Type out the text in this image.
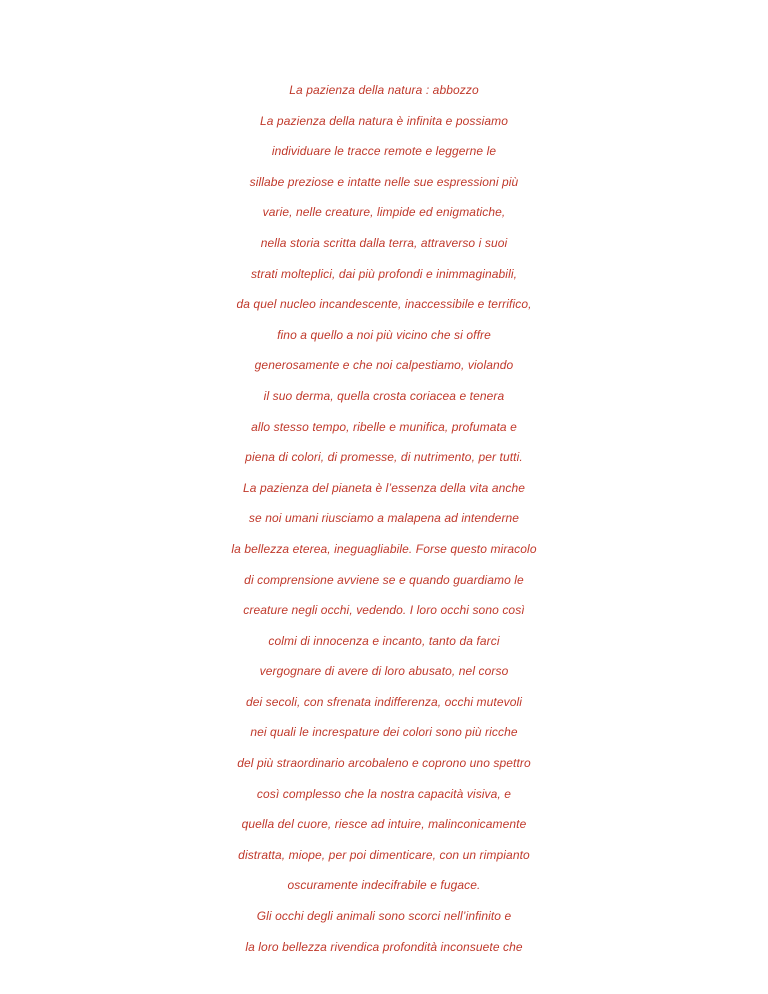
La pazienza della natura : abbozzo
La pazienza della natura è infinita e possiamo
individuare le tracce remote e leggerne le
sillabe preziose e intatte nelle sue espressioni più
varie, nelle creature, limpide ed enigmatiche,
nella storia scritta dalla terra, attraverso i suoi
strati molteplici, dai più profondi e inimmaginabili,
da quel nucleo incandescente, inaccessibile e terrifico,
fino a quello a noi più vicino che si offre
generosamente e che noi calpestiamo, violando
il suo derma, quella crosta coriacea e tenera
allo stesso tempo, ribelle e munifica, profumata e
piena di colori, di promesse, di nutrimento, per tutti.
La pazienza del pianeta è l’essenza della vita anche
se noi umani riusciamo a malapena ad intenderne
la bellezza eterea, ineguagliabile. Forse questo miracolo
di comprensione avviene se e quando guardiamo le
creature negli occhi, vedendo. I loro occhi sono così
colmi di innocenza e incanto, tanto da farci
vergognare di avere di loro abusato, nel corso
dei secoli, con sfrenata indifferenza, occhi mutevoli
nei quali le increspature dei colori sono più ricche
del più straordinario arcobaleno e coprono uno spettro
così complesso che la nostra capacità visiva, e
quella del cuore, riesce ad intuire, malinconicamente
distratta, miope, per poi dimenticare, con un rimpianto
oscuramente indecifrabile e fugace.
Gli occhi degli animali sono scorci nell’infinito e
la loro bellezza rivendica profondità inconsuete che
